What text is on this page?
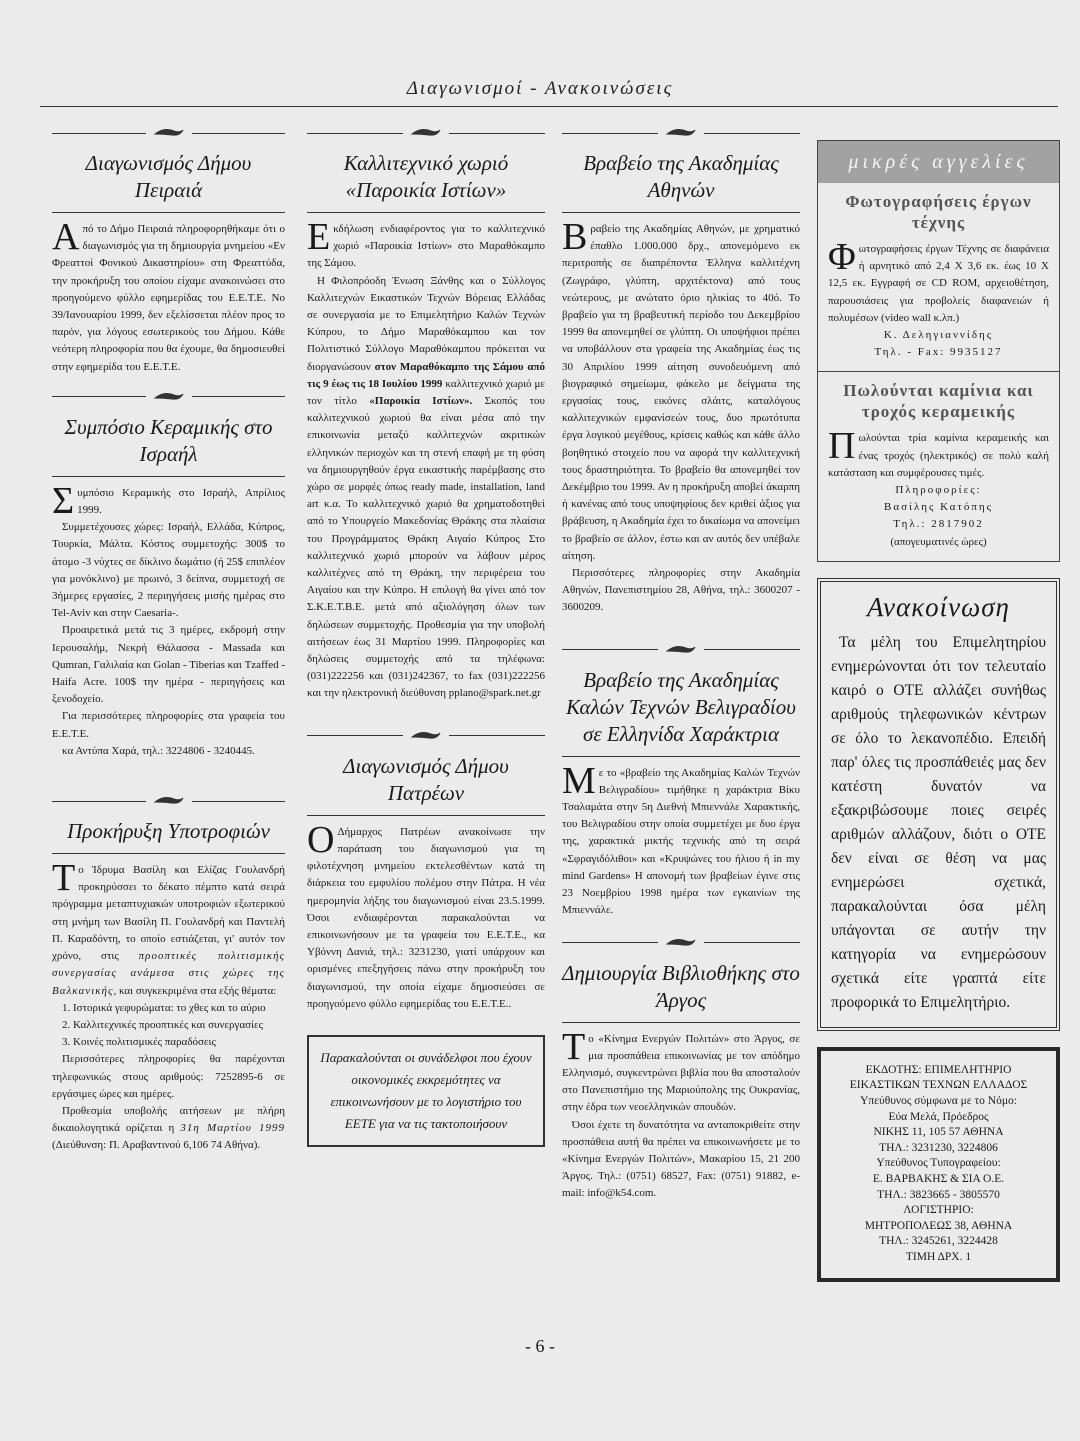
Διαγωνισμοί - Ανακοινώσεις
Διαγωνισμός Δήμου Πειραιά

Από το Δήμο Πειραιά πληροφορηθήκαμε ότι ο διαγωνισμός για τη δημιουργία μνημείου «Εν Φρεαττοί Φονικού Δικαστηρίου» στη Φρεαττύδα, την προκήρυξη του οποίου είχαμε ανακοινώσει στο προηγούμενο φύλλο εφημερίδας του Ε.Ε.Τ.Ε. Νο 39/Ιανουαρίου 1999, δεν εξελίσσεται πλέον προς το παρόν, για λόγους εσωτερικούς του Δήμου. Κάθε νεότερη πληροφορία που θα έχουμε, θα δημοσιευθεί στην εφημερίδα του Ε.Ε.Τ.Ε.

Συμπόσιο Κεραμικής στο Ισραήλ

Συμπόσιο Κεραμικής στο Ισραήλ, Απρίλιος 1999.

Συμμετέχουσες χώρες: Ισραήλ, Ελλάδα, Κύπρος, Τουρκία, Μάλτα. Κόστος συμμετοχής: 300$ το άτομο -3 νύχτες σε δίκλινο δωμάτιο (ή 25$ επιπλέον για μονόκλινο) με πρωινό, 3 δείπνα, συμμετοχή σε 3ήμερες εργασίες, 2 περιηγήσεις μισής ημέρας στο Tel-Aviv και στην Caesaria-.

Προαιρετικά μετά τις 3 ημέρες, εκδρομή στην Ιερουσαλήμ, Νεκρή Θάλασσα - Massada και Qumran, Γαλιλαία και Golan - Tiberias και Tzaffed - Haifa Acre. 100$ την ημέρα - περιηγήσεις και ξενοδοχείο.

Για περισσότερες πληροφορίες στα γραφεία του Ε.Ε.Τ.Ε.

κα Αντύπα Χαρά, τηλ.: 3224806 - 3240445.

Προκήρυξη Υποτροφιών

Το Ίδρυμα Βασίλη και Ελίζας Γουλανδρή προκηρύσσει το δέκατο πέμπτο κατά σειρά πρόγραμμα μεταπτυχιακών υποτροφιών εξωτερικού στη μνήμη των Βασίλη Π. Γουλανδρή και Παντελή Π. Καραδόντη, το οποίο εστιάζεται, γι' αυτόν τον χρόνο, στις προοπτικές πολιτισμικής συνεργασίας ανάμεσα στις χώρες της Βαλκανικής, και συγκεκριμένα στα εξής θέματα:

1. Ιστορικά γεφυρώματα: το χθες και το αύριο

2. Καλλιτεχνικές προοπτικές και συνεργασίες

3. Κοινές πολιτισμικές παραδόσεις

Περισσότερες πληροφορίες θα παρέχονται τηλεφωνικώς στους αριθμούς: 7252895-6 σε εργάσιμες ώρες και ημέρες.

Προθεσμία υποβολής αιτήσεων με πλήρη δικαιολογητικά ορίζεται η 31η Μαρτίου 1999 (Διεύθυνση: Π. Αραβαντινού 6,106 74 Αθήνα).

Καλλιτεχνικό χωριό «Παροικία Ιστίων»

Εκδήλωση ενδιαφέροντος για το καλλιτεχνικό χωριό «Παροικία Ιστίων» στο Μαραθόκαμπο της Σάμου.

Η Φιλοπρόοδη Ένωση Ξάνθης και ο Σύλλογος Καλλιτεχνών Εικαστικών Τεχνών Βόρειας Ελλάδας σε συνεργασία με το Επιμελητήριο Καλών Τεχνών Κύπρου, το Δήμο Μαραθόκαμπου και τον Πολιτιστικό Σύλλογο Μαραθόκαμπου πρόκειται να διοργανώσουν στον Μαραθόκαμπο της Σάμου από τις 9 έως τις 18 Ιουλίου 1999 καλλιτεχνικό χωριό με τον τίτλο «Παροικία Ιστίων». Σκοπός του καλλιτεχνικού χωριού θα είναι μέσα από την επικοινωνία μεταξύ καλλιτεχνών ακριτικών ελληνικών περιοχών και τη στενή επαφή με τη φύση να δημιουργηθούν έργα εικαστικής παρέμβασης στο χώρο σε μορφές όπως ready made, installation, land art κ.α. Το καλλιτεχνικό χωριό θα χρηματοδοτηθεί από το Υπουργείο Μακεδονίας Θράκης στα πλαίσια του Προγράμματος Θράκη Αιγαίο Κύπρος Στο καλλιτεχνικό χωριό μπορούν να λάβουν μέρος καλλιτέχνες από τη Θράκη, την περιφέρεια του Αιγαίου και την Κύπρο. Η επιλογή θα γίνει από τον Σ.Κ.Ε.Τ.Β.Ε. μετά από αξιολόγηση όλων των δηλώσεων συμμετοχής. Προθεσμία για την υποβολή αιτήσεων έως 31 Μαρτίου 1999. Πληροφορίες και δηλώσεις συμμετοχής από τα τηλέφωνα: (031)222256 και (031)242367, το fax (031)222256 και την ηλεκτρονική διεύθυνση pplano@spark.net.gr

Διαγωνισμός Δήμου Πατρέων

Ο Δήμαρχος Πατρέων ανακοίνωσε την παράταση του διαγωνισμού για τη φιλοτέχνηση μνημείου εκτελεσθέντων κατά τη διάρκεια του εμφυλίου πολέμου στην Πάτρα. Η νέα ημερομηνία λήξης του διαγωνισμού είναι 23.5.1999. Όσοι ενδιαφέρονται παρακαλούνται να επικοινωνήσουν με τα γραφεία του Ε.Ε.Τ.Ε., κα Υβόννη Δανιά, τηλ.: 3231230, γιατί υπάρχουν και ορισμένες επεξηγήσεις πάνω στην προκήρυξη του διαγωνισμού, την οποία είχαμε δημοσιεύσει σε προηγούμενο φύλλο εφημερίδας του Ε.Ε.Τ.Ε..

Παρακαλούνται οι συνάδελφοι που έχουν οικονομικές εκκρεμότητες να επικοινωνήσουν με το λογιστήριο του ΕΕΤΕ για να τις τακτοποιήσουν
Βραβείο της Ακαδημίας Αθηνών

Βραβείο της Ακαδημίας Αθηνών, με χρηματικό έπαθλο 1.000.000 δρχ., απονεμόμενο εκ περιτροπής σε διαπρέποντα Έλληνα καλλιτέχνη (Ζωγράφο, γλύπτη, αρχιτέκτονα) από τους νεώτερους, με ανώτατο όριο ηλικίας το 40ό. Το βραβείο για τη βραβευτική περίοδο του Δεκεμβρίου 1999 θα απονεμηθεί σε γλύπτη. Οι υποψήφιοι πρέπει να υποβάλλουν στα γραφεία της Ακαδημίας έως τις 30 Απριλίου 1999 αίτηση συνοδευόμενη από βιογραφικό σημείωμα, φάκελο με δείγματα της εργασίας τους, εικόνες σλάιτς, καταλόγους καλλιτεχνικών εμφανίσεών τους, δυο πρωτότυπα έργα λογικού μεγέθους, κρίσεις καθώς και κάθε άλλο βοηθητικό στοιχείο που να αφορά την καλλιτεχνική τους δραστηριότητα. Το βραβείο θα απονεμηθεί τον Δεκέμβριο του 1999. Αν η προκήρυξη αποβεί άκαρπη ή κανένας από τους υποψηφίους δεν κριθεί άξιος για βράβευση, η Ακαδημία έχει το δικαίωμα να απονείμει το βραβείο σε άλλον, έστω και αν αυτός δεν υπέβαλε αίτηση.

Περισσότερες πληροφορίες στην Ακαδημία Αθηνών, Πανεπιστημίου 28, Αθήνα, τηλ.: 3600207 - 3600209.

Βραβείο της Ακαδημίας Καλών Τεχνών Βελιγραδίου σε Ελληνίδα Χαράκτρια

Με το «βραβείο της Ακαδημίας Καλών Τεχνών Βελιγραδίου» τιμήθηκε η χαράκτρια Βίκυ Τσαλαμάτα στην 5η Διεθνή Μπιεννάλε Χαρακτικής, του Βελιγραδίου στην οποία συμμετέχει με δυο έργα της, χαρακτικά μικτής τεχνικής από τη σειρά «Σφραγιδόλιθοι» και «Κρυψώνες του ήλιου ή in my mind Gardens» Η απονομή των βραβείων έγινε στις 23 Νοεμβρίου 1998 ημέρα των εγκαινίων της Μπιεννάλε.

Δημιουργία Βιβλιοθήκης στο Άργος

Το «Κίνημα Ενεργών Πολιτών» στο Άργος, σε μια προσπάθεια επικοινωνίας με τον απόδημο Ελληνισμό, συγκεντρώνει βιβλία που θα αποσταλούν στο Πανεπιστήμιο της Μαριούπολης της Ουκρανίας, στην έδρα των νεοελληνικών σπουδών.

Όσοι έχετε τη δυνατότητα να ανταποκριθείτε στην προσπάθεια αυτή θα πρέπει να επικοινωνήσετε με το «Κίνημα Ενεργών Πολιτών», Μακαρίου 15, 21 200 Άργος. Τηλ.: (0751) 68527, Fax: (0751) 91882, e-mail: info@k54.com.

μικρές αγγελίες
Φωτογραφήσεις έργων τέχνης

Φωτογραφήσεις έργων Τέχνης σε διαφάνεια ή αρνητικό από 2,4 Χ 3,6 εκ. έως 10 Χ 12,5 εκ. Εγγραφή σε CD ROM, αρχειοθέτηση, παρουσιάσεις για προβολείς διαφανειών ή πολυμέσων (video wall κ.λπ.)

Κ. Δεληγιαννίδης

Τηλ. - Fax: 9935127

Πωλούνται καμίνια και τροχός κεραμεικής

Πωλούνται τρία καμίνια κεραμεικής και ένας τροχός (ηλεκτρικός) σε πολύ καλή κατάσταση και συμφέρουσες τιμές.

Πληροφορίες:

Βασίλης Κατόπης

Τηλ.: 2817902

(απογευματινές ώρες)

Ανακοίνωση
Τα μέλη του Επιμελητηρίου ενημερώνονται ότι τον τελευταίο καιρό ο ΟΤΕ αλλάζει συνήθως αριθμούς τηλεφωνικών κέντρων σε όλο το λεκανοπέδιο. Επειδή παρ' όλες τις προσπάθειές μας δεν κατέστη δυνατόν να εξακριβώσουμε ποιες σειρές αριθμών αλλάζουν, διότι ο ΟΤΕ δεν είναι σε θέση να μας ενημερώσει σχετικά, παρακαλούνται όσα μέλη υπάγονται σε αυτήν την κατηγορία να ενημερώσουν σχετικά είτε γραπτά είτε προφορικά το Επιμελητήριο.
ΕΚΔΟΤΗΣ: ΕΠΙΜΕΛΗΤΗΡΙΟ
ΕΙΚΑΣΤΙΚΩΝ ΤΕΧΝΩΝ ΕΛΛΑΔΟΣ
Υπεύθυνος σύμφωνα με το Νόμο:
Εύα Μελά, Πρόεδρος
ΝΙΚΗΣ 11, 105 57 ΑΘΗΝΑ
ΤΗΛ.: 3231230, 3224806
Υπεύθυνος Τυπογραφείου:
Ε. ΒΑΡΒΑΚΗΣ & ΣΙΑ Ο.Ε.
ΤΗΛ.: 3823665 - 3805570
ΛΟΓΙΣΤΗΡΙΟ:
ΜΗΤΡΟΠΟΛΕΩΣ 38, ΑΘΗΝΑ
ΤΗΛ.: 3245261, 3224428
ΤΙΜΗ ΔΡΧ. 1
- 6 -
